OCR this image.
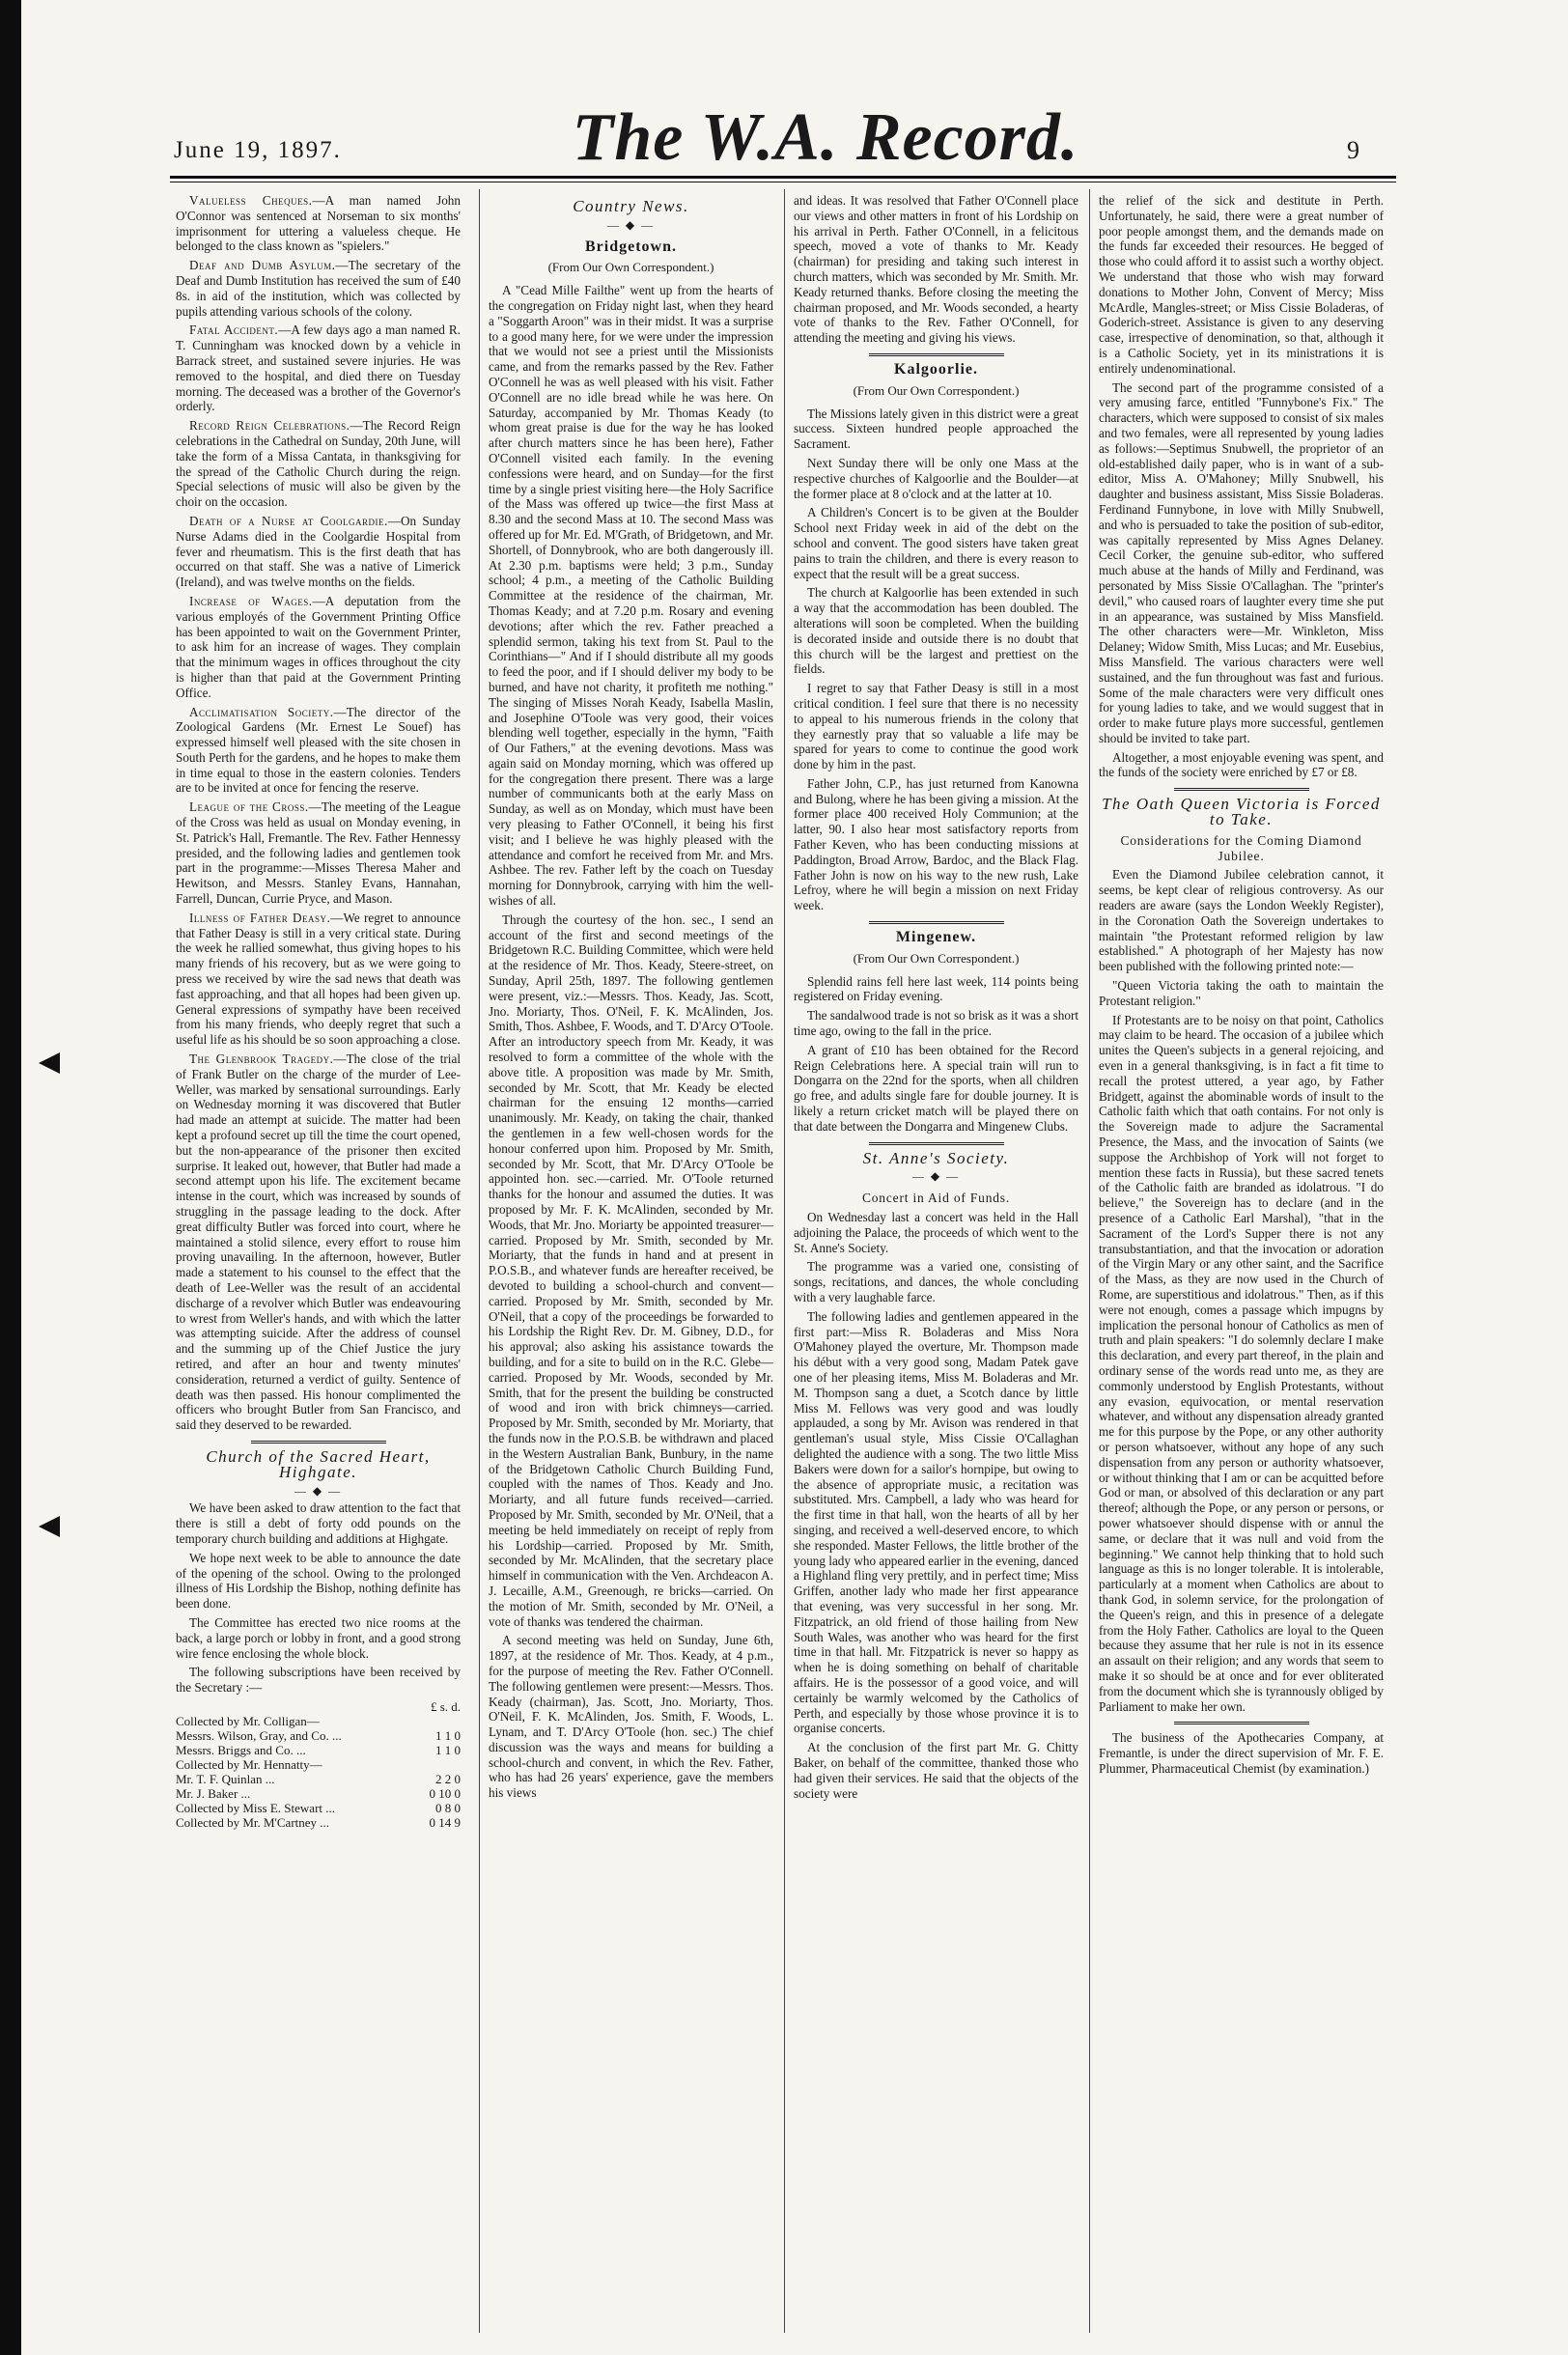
June 19, 1897.	The W.A. Record.	9

Valueless Cheques.—A man named John O'Connor was sentenced at Norseman to six months' imprisonment for uttering a valueless cheque. He belonged to the class known as "spielers."

Deaf and Dumb Asylum.—The secretary of the Deaf and Dumb Institution has received the sum of £40 8s. in aid of the institution, which was collected by pupils attending various schools of the colony.

Fatal Accident.—A few days ago a man named R. T. Cunningham was knocked down by a vehicle in Barrack street, and sustained severe injuries. He was removed to the hospital, and died there on Tuesday morning. The deceased was a brother of the Governor's orderly.

Record Reign Celebrations.—The Record Reign celebrations in the Cathedral on Sunday, 20th June, will take the form of a Missa Cantata, in thanksgiving for the spread of the Catholic Church during the reign. Special selections of music will also be given by the choir on the occasion.

Death of a Nurse at Coolgardie.—On Sunday Nurse Adams died in the Coolgardie Hospital from fever and rheumatism. This is the first death that has occurred on that staff. She was a native of Limerick (Ireland), and was twelve months on the fields.

Increase of Wages.—A deputation from the various employés of the Government Printing Office has been appointed to wait on the Government Printer, to ask him for an increase of wages. They complain that the minimum wages in offices throughout the city is higher than that paid at the Government Printing Office.

Acclimatisation Society.—The director of the Zoological Gardens (Mr. Ernest Le Souef) has expressed himself well pleased with the site chosen in South Perth for the gardens, and he hopes to make them in time equal to those in the eastern colonies. Tenders are to be invited at once for fencing the reserve.

League of the Cross.—The meeting of the League of the Cross was held as usual on Monday evening, in St. Patrick's Hall, Fremantle. The Rev. Father Hennessy presided, and the following ladies and gentlemen took part in the programme:—Misses Theresa Maher and Hewitson, and Messrs. Stanley Evans, Hannahan, Farrell, Duncan, Currie Pryce, and Mason.

Illness of Father Deasy.—We regret to announce that Father Deasy is still in a very critical state. During the week he rallied somewhat, thus giving hopes to his many friends of his recovery, but as we were going to press we received by wire the sad news that death was fast approaching, and that all hopes had been given up. General expressions of sympathy have been received from his many friends, who deeply regret that such a useful life as his should be so soon approaching a close.

The Glenbrook Tragedy.—The close of the trial of Frank Butler on the charge of the murder of Lee-Weller, was marked by sensational surroundings. Early on Wednesday morning it was discovered that Butler had made an attempt at suicide. The matter had been kept a profound secret up till the time the court opened, but the non-appearance of the prisoner then excited surprise. It leaked out, however, that Butler had made a second attempt upon his life. The excitement became intense in the court, which was increased by sounds of struggling in the passage leading to the dock. After great difficulty Butler was forced into court, where he maintained a stolid silence, every effort to rouse him proving unavailing. In the afternoon, however, Butler made a statement to his counsel to the effect that the death of Lee-Weller was the result of an accidental discharge of a revolver which Butler was endeavouring to wrest from Weller's hands, and with which the latter was attempting suicide. After the address of counsel and the summing up of the Chief Justice the jury retired, and after an hour and twenty minutes' consideration, returned a verdict of guilty. Sentence of death was then passed. His honour complimented the officers who brought Butler from San Francisco, and said they deserved to be rewarded.

Church of the Sacred Heart, Highgate.
— ◆ —

We have been asked to draw attention to the fact that there is still a debt of forty odd pounds on the temporary church building and additions at Highgate.

We hope next week to be able to announce the date of the opening of the school. Owing to the prolonged illness of His Lordship the Bishop, nothing definite has been done.

The Committee has erected two nice rooms at the back, a large porch or lobby in front, and a good strong wire fence enclosing the whole block.

The following subscriptions have been received by the Secretary :—

	£ s. d.
Collected by Mr. Colligan—	
Messrs. Wilson, Gray, and Co. ...	1 1 0
Messrs. Briggs and Co. ...	1 1 0
Collected by Mr. Hennatty—	
Mr. T. F. Quinlan ...	2 2 0
Mr. J. Baker ...	0 10 0
Collected by Miss E. Stewart ...	0 8 0
Collected by Mr. M'Cartney ...	0 14 9
Country News.
— ◆ —
Bridgetown.
(From Our Own Correspondent.)

A "Cead Mille Failthe" went up from the hearts of the congregation on Friday night last, when they heard a "Soggarth Aroon" was in their midst. It was a surprise to a good many here, for we were under the impression that we would not see a priest until the Missionists came, and from the remarks passed by the Rev. Father O'Connell he was as well pleased with his visit. Father O'Connell are no idle bread while he was here. On Saturday, accompanied by Mr. Thomas Keady (to whom great praise is due for the way he has looked after church matters since he has been here), Father O'Connell visited each family. In the evening confessions were heard, and on Sunday—for the first time by a single priest visiting here—the Holy Sacrifice of the Mass was offered up twice—the first Mass at 8.30 and the second Mass at 10. The second Mass was offered up for Mr. Ed. M'Grath, of Bridgetown, and Mr. Shortell, of Donnybrook, who are both dangerously ill. At 2.30 p.m. baptisms were held; 3 p.m., Sunday school; 4 p.m., a meeting of the Catholic Building Committee at the residence of the chairman, Mr. Thomas Keady; and at 7.20 p.m. Rosary and evening devotions; after which the rev. Father preached a splendid sermon, taking his text from St. Paul to the Corinthians—" And if I should distribute all my goods to feed the poor, and if I should deliver my body to be burned, and have not charity, it profiteth me nothing." The singing of Misses Norah Keady, Isabella Maslin, and Josephine O'Toole was very good, their voices blending well together, especially in the hymn, "Faith of Our Fathers," at the evening devotions. Mass was again said on Monday morning, which was offered up for the congregation there present. There was a large number of communicants both at the early Mass on Sunday, as well as on Monday, which must have been very pleasing to Father O'Connell, it being his first visit; and I believe he was highly pleased with the attendance and comfort he received from Mr. and Mrs. Ashbee. The rev. Father left by the coach on Tuesday morning for Donnybrook, carrying with him the well-wishes of all.

Through the courtesy of the hon. sec., I send an account of the first and second meetings of the Bridgetown R.C. Building Committee, which were held at the residence of Mr. Thos. Keady, Steere-street, on Sunday, April 25th, 1897. The following gentlemen were present, viz.:—Messrs. Thos. Keady, Jas. Scott, Jno. Moriarty, Thos. O'Neil, F. K. McAlinden, Jos. Smith, Thos. Ashbee, F. Woods, and T. D'Arcy O'Toole. After an introductory speech from Mr. Keady, it was resolved to form a committee of the whole with the above title. A proposition was made by Mr. Smith, seconded by Mr. Scott, that Mr. Keady be elected chairman for the ensuing 12 months—carried unanimously. Mr. Keady, on taking the chair, thanked the gentlemen in a few well-chosen words for the honour conferred upon him. Proposed by Mr. Smith, seconded by Mr. Scott, that Mr. D'Arcy O'Toole be appointed hon. sec.—carried. Mr. O'Toole returned thanks for the honour and assumed the duties. It was proposed by Mr. F. K. McAlinden, seconded by Mr. Woods, that Mr. Jno. Moriarty be appointed treasurer—carried. Proposed by Mr. Smith, seconded by Mr. Moriarty, that the funds in hand and at present in P.O.S.B., and whatever funds are hereafter received, be devoted to building a school-church and convent—carried. Proposed by Mr. Smith, seconded by Mr. O'Neil, that a copy of the proceedings be forwarded to his Lordship the Right Rev. Dr. M. Gibney, D.D., for his approval; also asking his assistance towards the building, and for a site to build on in the R.C. Glebe—carried. Proposed by Mr. Woods, seconded by Mr. Smith, that for the present the building be constructed of wood and iron with brick chimneys—carried. Proposed by Mr. Smith, seconded by Mr. Moriarty, that the funds now in the P.O.S.B. be withdrawn and placed in the Western Australian Bank, Bunbury, in the name of the Bridgetown Catholic Church Building Fund, coupled with the names of Thos. Keady and Jno. Moriarty, and all future funds received—carried. Proposed by Mr. Smith, seconded by Mr. O'Neil, that a meeting be held immediately on receipt of reply from his Lordship—carried. Proposed by Mr. Smith, seconded by Mr. McAlinden, that the secretary place himself in communication with the Ven. Archdeacon A. J. Lecaille, A.M., Greenough, re bricks—carried. On the motion of Mr. Smith, seconded by Mr. O'Neil, a vote of thanks was tendered the chairman.

A second meeting was held on Sunday, June 6th, 1897, at the residence of Mr. Thos. Keady, at 4 p.m., for the purpose of meeting the Rev. Father O'Connell. The following gentlemen were present:—Messrs. Thos. Keady (chairman), Jas. Scott, Jno. Moriarty, Thos. O'Neil, F. K. McAlinden, Jos. Smith, F. Woods, L. Lynam, and T. D'Arcy O'Toole (hon. sec.) The chief discussion was the ways and means for building a school-church and convent, in which the Rev. Father, who has had 26 years' experience, gave the members his views

and ideas. It was resolved that Father O'Connell place our views and other matters in front of his Lordship on his arrival in Perth. Father O'Connell, in a felicitous speech, moved a vote of thanks to Mr. Keady (chairman) for presiding and taking such interest in church matters, which was seconded by Mr. Smith. Mr. Keady returned thanks. Before closing the meeting the chairman proposed, and Mr. Woods seconded, a hearty vote of thanks to the Rev. Father O'Connell, for attending the meeting and giving his views.

Kalgoorlie.
(From Our Own Correspondent.)

The Missions lately given in this district were a great success. Sixteen hundred people approached the Sacrament.

Next Sunday there will be only one Mass at the respective churches of Kalgoorlie and the Boulder—at the former place at 8 o'clock and at the latter at 10.

A Children's Concert is to be given at the Boulder School next Friday week in aid of the debt on the school and convent. The good sisters have taken great pains to train the children, and there is every reason to expect that the result will be a great success.

The church at Kalgoorlie has been extended in such a way that the accommodation has been doubled. The alterations will soon be completed. When the building is decorated inside and outside there is no doubt that this church will be the largest and prettiest on the fields.

I regret to say that Father Deasy is still in a most critical condition. I feel sure that there is no necessity to appeal to his numerous friends in the colony that they earnestly pray that so valuable a life may be spared for years to come to continue the good work done by him in the past.

Father John, C.P., has just returned from Kanowna and Bulong, where he has been giving a mission. At the former place 400 received Holy Communion; at the latter, 90. I also hear most satisfactory reports from Father Keven, who has been conducting missions at Paddington, Broad Arrow, Bardoc, and the Black Flag. Father John is now on his way to the new rush, Lake Lefroy, where he will begin a mission on next Friday week.

Mingenew.
(From Our Own Correspondent.)

Splendid rains fell here last week, 114 points being registered on Friday evening.

The sandalwood trade is not so brisk as it was a short time ago, owing to the fall in the price.

A grant of £10 has been obtained for the Record Reign Celebrations here. A special train will run to Dongarra on the 22nd for the sports, when all children go free, and adults single fare for double journey. It is likely a return cricket match will be played there on that date between the Dongarra and Mingenew Clubs.

St. Anne's Society.
— ◆ —
Concert in Aid of Funds.

On Wednesday last a concert was held in the Hall adjoining the Palace, the proceeds of which went to the St. Anne's Society.

The programme was a varied one, consisting of songs, recitations, and dances, the whole concluding with a very laughable farce.

The following ladies and gentlemen appeared in the first part:—Miss R. Boladeras and Miss Nora O'Mahoney played the overture, Mr. Thompson made his début with a very good song, Madam Patek gave one of her pleasing items, Miss M. Boladeras and Mr. M. Thompson sang a duet, a Scotch dance by little Miss M. Fellows was very good and was loudly applauded, a song by Mr. Avison was rendered in that gentleman's usual style, Miss Cissie O'Callaghan delighted the audience with a song. The two little Miss Bakers were down for a sailor's hornpipe, but owing to the absence of appropriate music, a recitation was substituted. Mrs. Campbell, a lady who was heard for the first time in that hall, won the hearts of all by her singing, and received a well-deserved encore, to which she responded. Master Fellows, the little brother of the young lady who appeared earlier in the evening, danced a Highland fling very prettily, and in perfect time; Miss Griffen, another lady who made her first appearance that evening, was very successful in her song. Mr. Fitzpatrick, an old friend of those hailing from New South Wales, was another who was heard for the first time in that hall. Mr. Fitzpatrick is never so happy as when he is doing something on behalf of charitable affairs. He is the possessor of a good voice, and will certainly be warmly welcomed by the Catholics of Perth, and especially by those whose province it is to organise concerts.

At the conclusion of the first part Mr. G. Chitty Baker, on behalf of the committee, thanked those who had given their services. He said that the objects of the society were

the relief of the sick and destitute in Perth. Unfortunately, he said, there were a great number of poor people amongst them, and the demands made on the funds far exceeded their resources. He begged of those who could afford it to assist such a worthy object. We understand that those who wish may forward donations to Mother John, Convent of Mercy; Miss McArdle, Mangles-street; or Miss Cissie Boladeras, of Goderich-street. Assistance is given to any deserving case, irrespective of denomination, so that, although it is a Catholic Society, yet in its ministrations it is entirely undenominational.

The second part of the programme consisted of a very amusing farce, entitled "Funnybone's Fix." The characters, which were supposed to consist of six males and two females, were all represented by young ladies as follows:—Septimus Snubwell, the proprietor of an old-established daily paper, who is in want of a sub-editor, Miss A. O'Mahoney; Milly Snubwell, his daughter and business assistant, Miss Sissie Boladeras. Ferdinand Funnybone, in love with Milly Snubwell, and who is persuaded to take the position of sub-editor, was capitally represented by Miss Agnes Delaney. Cecil Corker, the genuine sub-editor, who suffered much abuse at the hands of Milly and Ferdinand, was personated by Miss Sissie O'Callaghan. The "printer's devil," who caused roars of laughter every time she put in an appearance, was sustained by Miss Mansfield. The other characters were—Mr. Winkleton, Miss Delaney; Widow Smith, Miss Lucas; and Mr. Eusebius, Miss Mansfield. The various characters were well sustained, and the fun throughout was fast and furious. Some of the male characters were very difficult ones for young ladies to take, and we would suggest that in order to make future plays more successful, gentlemen should be invited to take part.

Altogether, a most enjoyable evening was spent, and the funds of the society were enriched by £7 or £8.

The Oath Queen Victoria is Forced to Take.
Considerations for the Coming Diamond Jubilee.

Even the Diamond Jubilee celebration cannot, it seems, be kept clear of religious controversy. As our readers are aware (says the London Weekly Register), in the Coronation Oath the Sovereign undertakes to maintain "the Protestant reformed religion by law established." A photograph of her Majesty has now been published with the following printed note:—

"Queen Victoria taking the oath to maintain the Protestant religion."

If Protestants are to be noisy on that point, Catholics may claim to be heard. The occasion of a jubilee which unites the Queen's subjects in a general rejoicing, and even in a general thanksgiving, is in fact a fit time to recall the protest uttered, a year ago, by Father Bridgett, against the abominable words of insult to the Catholic faith which that oath contains. For not only is the Sovereign made to adjure the Sacramental Presence, the Mass, and the invocation of Saints (we suppose the Archbishop of York will not forget to mention these facts in Russia), but these sacred tenets of the Catholic faith are branded as idolatrous. "I do believe," the Sovereign has to declare (and in the presence of a Catholic Earl Marshal), "that in the Sacrament of the Lord's Supper there is not any transubstantiation, and that the invocation or adoration of the Virgin Mary or any other saint, and the Sacrifice of the Mass, as they are now used in the Church of Rome, are superstitious and idolatrous." Then, as if this were not enough, comes a passage which impugns by implication the personal honour of Catholics as men of truth and plain speakers: "I do solemnly declare I make this declaration, and every part thereof, in the plain and ordinary sense of the words read unto me, as they are commonly understood by English Protestants, without any evasion, equivocation, or mental reservation whatever, and without any dispensation already granted me for this purpose by the Pope, or any other authority or person whatsoever, without any hope of any such dispensation from any person or authority whatsoever, or without thinking that I am or can be acquitted before God or man, or absolved of this declaration or any part thereof; although the Pope, or any person or persons, or power whatsoever should dispense with or annul the same, or declare that it was null and void from the beginning." We cannot help thinking that to hold such language as this is no longer tolerable. It is intolerable, particularly at a moment when Catholics are about to thank God, in solemn service, for the prolongation of the Queen's reign, and this in presence of a delegate from the Holy Father. Catholics are loyal to the Queen because they assume that her rule is not in its essence an assault on their religion; and any words that seem to make it so should be at once and for ever obliterated from the document which she is tyrannously obliged by Parliament to make her own.

The business of the Apothecaries Company, at Fremantle, is under the direct supervision of Mr. F. E. Plummer, Pharmaceutical Chemist (by examination.)
